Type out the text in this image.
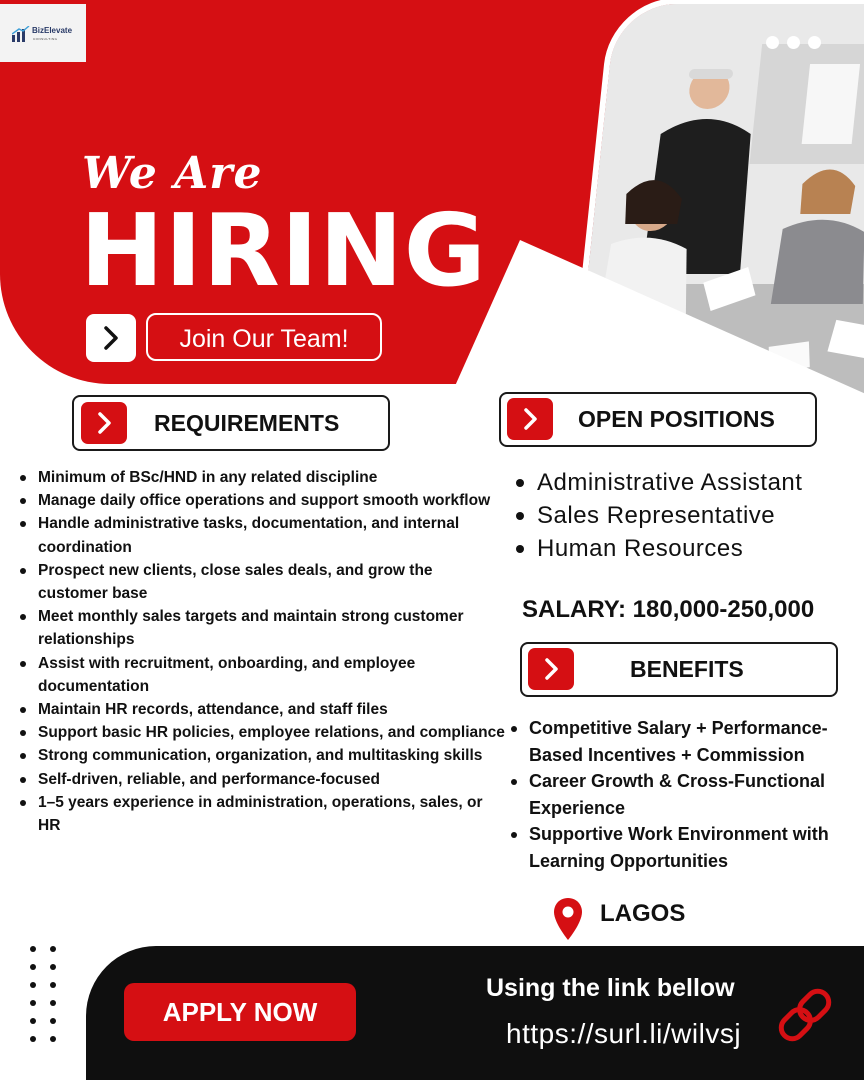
BizElevate
CONSULTING
We Are
HIRING
Join Our Team!
REQUIREMENTS	OPEN POSITIONS
Minimum of BSc/HND in any related discipline
Manage daily office operations and support smooth workflow
Handle administrative tasks, documentation, and internal coordination
Prospect new clients, close sales deals, and grow the customer base
Meet monthly sales targets and maintain strong customer relationships
Assist with recruitment, onboarding, and employee documentation
Maintain HR records, attendance, and staff files
Support basic HR policies, employee relations, and compliance
Strong communication, organization, and multitasking skills
Self-driven, reliable, and performance-focused
1–5 years experience in administration, operations, sales, or HR
Administrative Assistant
Sales Representative
Human Resources
SALARY: 180,000-250,000
BENEFITS
Competitive Salary + Performance-Based Incentives + Commission
Career Growth & Cross-Functional Experience
Supportive Work Environment with Learning Opportunities
LAGOS
APPLY NOW
Using the link bellow
https://surl.li/wilvsj
